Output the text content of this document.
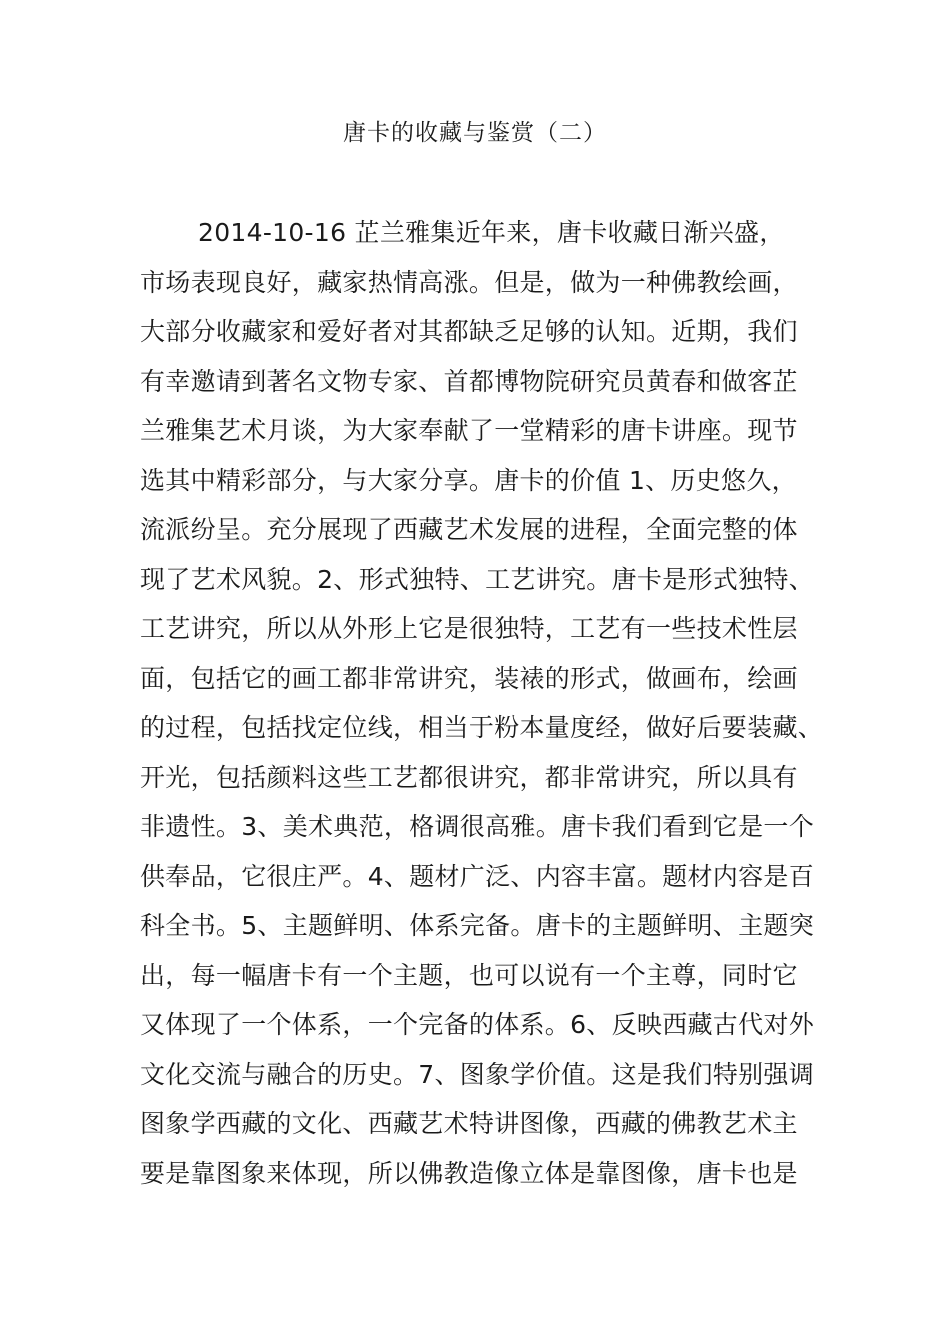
唐卡的收藏与鉴赏（二）
2014-10-16 芷兰雅集近年来，唐卡收藏日渐兴盛，
市场表现良好，藏家热情高涨。但是，做为一种佛教绘画，
大部分收藏家和爱好者对其都缺乏足够的认知。近期，我们
有幸邀请到著名文物专家、首都博物院研究员黄春和做客芷
兰雅集艺术月谈，为大家奉献了一堂精彩的唐卡讲座。现节
选其中精彩部分，与大家分享。唐卡的价值 1、历史悠久，
流派纷呈。充分展现了西藏艺术发展的进程，全面完整的体
现了艺术风貌。2、形式独特、工艺讲究。唐卡是形式独特、
工艺讲究，所以从外形上它是很独特，工艺有一些技术性层
面，包括它的画工都非常讲究，装裱的形式，做画布，绘画
的过程，包括找定位线，相当于粉本量度经，做好后要装藏、
开光，包括颜料这些工艺都很讲究，都非常讲究，所以具有
非遗性。3、美术典范，格调很高雅。唐卡我们看到它是一个
供奉品，它很庄严。4、题材广泛、内容丰富。题材内容是百
科全书。5、主题鲜明、体系完备。唐卡的主题鲜明、主题突
出，每一幅唐卡有一个主题，也可以说有一个主尊，同时它
又体现了一个体系，一个完备的体系。6、反映西藏古代对外
文化交流与融合的历史。7、图象学价值。这是我们特别强调
图象学西藏的文化、西藏艺术特讲图像，西藏的佛教艺术主
要是靠图象来体现，所以佛教造像立体是靠图像，唐卡也是
